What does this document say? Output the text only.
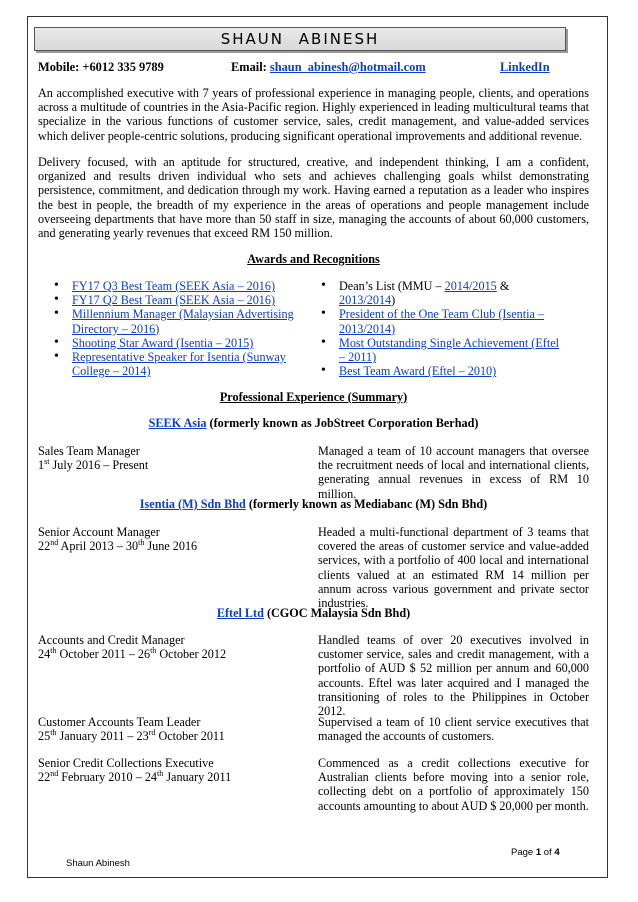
SHAUN ABINESH
Mobile: +6012 335 9789	Email: shaun_abinesh@hotmail.com	LinkedIn
An accomplished executive with 7 years of professional experience in managing people, clients, and operations across a multitude of countries in the Asia-Pacific region. Highly experienced in leading multicultural teams that specialize in the various functions of customer service, sales, credit management, and value-added services which deliver people-centric solutions, producing significant operational improvements and additional revenue.
Delivery focused, with an aptitude for structured, creative, and independent thinking, I am a confident, organized and results driven individual who sets and achieves challenging goals whilst demonstrating persistence, commitment, and dedication through my work. Having earned a reputation as a leader who inspires the best in people, the breadth of my experience in the areas of operations and people management include overseeing departments that have more than 50 staff in size, managing the accounts of about 60,000 customers, and generating yearly revenues that exceed RM 150 million.
Awards and Recognitions
• FY17 Q3 Best Team (SEEK Asia – 2016)
• FY17 Q2 Best Team (SEEK Asia – 2016)
• Millennium Manager (Malaysian Advertising Directory – 2016)
• Shooting Star Award (Isentia – 2015)
• Representative Speaker for Isentia (Sunway College – 2014)
• Dean’s List (MMU – 2014/2015 & 2013/2014)
• President of the One Team Club (Isentia – 2013/2014)
• Most Outstanding Single Achievement (Eftel – 2011)
• Best Team Award (Eftel – 2010)
Professional Experience (Summary)
SEEK Asia (formerly known as JobStreet Corporation Berhad)
Sales Team Manager
1st July 2016 – Present
Managed a team of 10 account managers that oversee the recruitment needs of local and international clients, generating annual revenues in excess of RM 10 million.
Isentia (M) Sdn Bhd (formerly known as Mediabanc (M) Sdn Bhd)
Senior Account Manager
22nd April 2013 – 30th June 2016
Headed a multi-functional department of 3 teams that covered the areas of customer service and value-added services, with a portfolio of 400 local and international clients valued at an estimated RM 14 million per annum across various government and private sector industries.
Eftel Ltd (CGOC Malaysia Sdn Bhd)
Accounts and Credit Manager
24th October 2011 – 26th October 2012
Handled teams of over 20 executives involved in customer service, sales and credit management, with a portfolio of AUD $ 52 million per annum and 60,000 accounts. Eftel was later acquired and I managed the transitioning of roles to the Philippines in October 2012.
Customer Accounts Team Leader
25th January 2011 – 23rd October 2011
Supervised a team of 10 client service executives that managed the accounts of customers.
Senior Credit Collections Executive
22nd February 2010 – 24th January 2011
Commenced as a credit collections executive for Australian clients before moving into a senior role, collecting debt on a portfolio of approximately 150 accounts amounting to about AUD $ 20,000 per month.
Page 1 of 4
Shaun Abinesh
